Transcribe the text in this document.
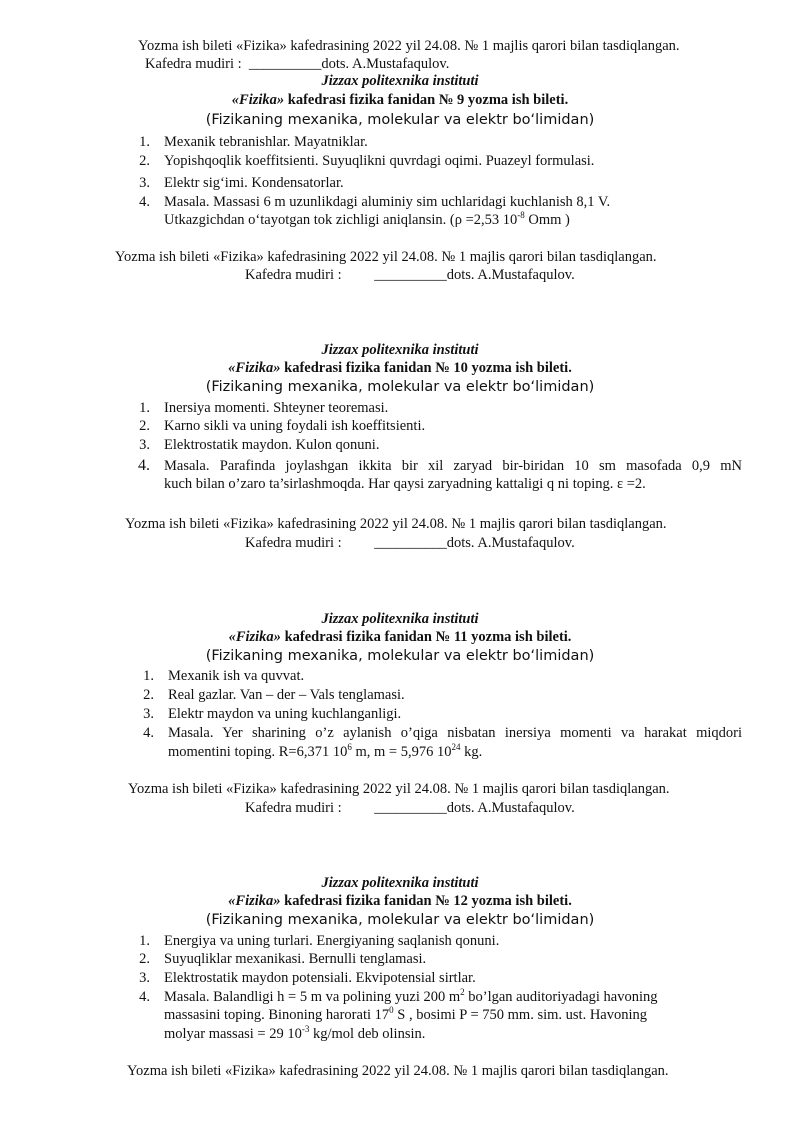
Yozma ish bileti «Fizika» kafedrasining 2022 yil 24.08. № 1 majlis qarori bilan tasdiqlangan.
Kafedra mudiri : __________dots. A.Mustafaqulov.
Jizzax politexnika instituti
«Fizika» kafedrasi fizika fanidan № 9 yozma ish bileti.
(Fizikaning mexanika, molekular va elektr bo‘limidan)
1. Mexanik tebranishlar. Mayatniklar.
2. Yopishqoqlik koeffitsienti. Suyuqlikni quvrdagi oqimi. Puazeyl formulasi.
3. Elektr sig‘imi. Kondensatorlar.
4. Masala. Massasi 6 m uzunlikdagi aluminiy sim uchlaridagi kuchlanish 8,1 V.
Utkazgichdan o‘tayotgan tok zichligi aniqlansin. (ρ =2,53 $10^{-8}$ Omm )
Yozma ish bileti «Fizika» kafedrasining 2022 yil 24.08. № 1 majlis qarori bilan tasdiqlangan.
Kafedra mudiri : __________dots. A.Mustafaqulov.
Jizzax politexnika instituti
«Fizika» kafedrasi fizika fanidan № 10 yozma ish bileti.
(Fizikaning mexanika, molekular va elektr bo‘limidan)
1. Inersiya momenti. Shteyner teoremasi.
2. Karno sikli va uning foydali ish koeffitsienti.
3. Elektrostatik maydon. Kulon qonuni.
4. Masala. Parafinda joylashgan ikkita bir xil zaryad bir-biridan 10 sm masofada 0,9 mN
kuch bilan o’zaro ta’sirlashmoqda. Har qaysi zaryadning kattaligi q ni toping. ε =2.
Yozma ish bileti «Fizika» kafedrasining 2022 yil 24.08. № 1 majlis qarori bilan tasdiqlangan.
Kafedra mudiri : __________dots. A.Mustafaqulov.
Jizzax politexnika instituti
«Fizika» kafedrasi fizika fanidan № 11 yozma ish bileti.
(Fizikaning mexanika, molekular va elektr bo‘limidan)
1. Mexanik ish va quvvat.
2. Real gazlar. Van – der – Vals tenglamasi.
3. Elektr maydon va uning kuchlanganligi.
4. Masala. Yer sharining o’z aylanish o’qiga nisbatan inersiya momenti va harakat miqdori
momentini toping. R=6,371 $10^6$ m, m = 5,976 $10^{24}$ kg.
Yozma ish bileti «Fizika» kafedrasining 2022 yil 24.08. № 1 majlis qarori bilan tasdiqlangan.
Kafedra mudiri : __________dots. A.Mustafaqulov.
Jizzax politexnika instituti
«Fizika» kafedrasi fizika fanidan № 12 yozma ish bileti.
(Fizikaning mexanika, molekular va elektr bo‘limidan)
1. Energiya va uning turlari. Energiyaning saqlanish qonuni.
2. Suyuqliklar mexanikasi. Bernulli tenglamasi.
3. Elektrostatik maydon potensiali. Ekvipotensial sirtlar.
4. Masala. Balandligi h = 5 m va polining yuzi 200 $m^2$ bo’lgan auditoriyadagi havoning
massasini toping. Binoning harorati $17^0$ S , bosimi P = 750 mm. sim. ust. Havoning
molyar massasi = 29 $10^{-3}$ kg/mol deb olinsin.
Yozma ish bileti «Fizika» kafedrasining 2022 yil 24.08. № 1 majlis qarori bilan tasdiqlangan.
